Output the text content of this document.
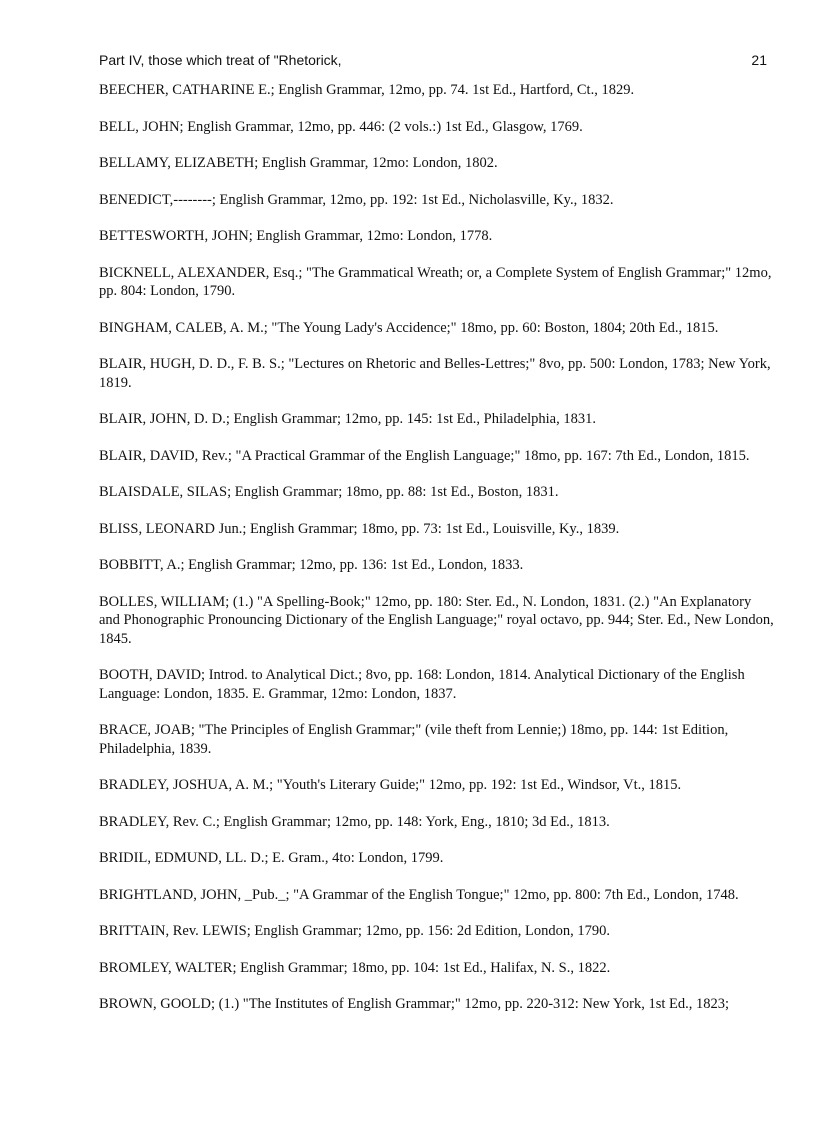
Part IV, those which treat of "Rhetorick,	21

BEECHER, CATHARINE E.; English Grammar, 12mo, pp. 74. 1st Ed., Hartford, Ct., 1829.

BELL, JOHN; English Grammar, 12mo, pp. 446: (2 vols.:) 1st Ed., Glasgow, 1769.

BELLAMY, ELIZABETH; English Grammar, 12mo: London, 1802.

BENEDICT,--------; English Grammar, 12mo, pp. 192: 1st Ed., Nicholasville, Ky., 1832.

BETTESWORTH, JOHN; English Grammar, 12mo: London, 1778.

BICKNELL, ALEXANDER, Esq.; "The Grammatical Wreath; or, a Complete System of English Grammar;" 12mo, pp. 804: London, 1790.

BINGHAM, CALEB, A. M.; "The Young Lady's Accidence;" 18mo, pp. 60: Boston, 1804; 20th Ed., 1815.

BLAIR, HUGH, D. D., F. B. S.; "Lectures on Rhetoric and Belles-Lettres;" 8vo, pp. 500: London, 1783; New York, 1819.

BLAIR, JOHN, D. D.; English Grammar; 12mo, pp. 145: 1st Ed., Philadelphia, 1831.

BLAIR, DAVID, Rev.; "A Practical Grammar of the English Language;" 18mo, pp. 167: 7th Ed., London, 1815.

BLAISDALE, SILAS; English Grammar; 18mo, pp. 88: 1st Ed., Boston, 1831.

BLISS, LEONARD Jun.; English Grammar; 18mo, pp. 73: 1st Ed., Louisville, Ky., 1839.

BOBBITT, A.; English Grammar; 12mo, pp. 136: 1st Ed., London, 1833.

BOLLES, WILLIAM; (1.) "A Spelling-Book;" 12mo, pp. 180: Ster. Ed., N. London, 1831. (2.) "An Explanatory and Phonographic Pronouncing Dictionary of the English Language;" royal octavo, pp. 944; Ster. Ed., New London, 1845.

BOOTH, DAVID; Introd. to Analytical Dict.; 8vo, pp. 168: London, 1814. Analytical Dictionary of the English Language: London, 1835. E. Grammar, 12mo: London, 1837.

BRACE, JOAB; "The Principles of English Grammar;" (vile theft from Lennie;) 18mo, pp. 144: 1st Edition, Philadelphia, 1839.

BRADLEY, JOSHUA, A. M.; "Youth's Literary Guide;" 12mo, pp. 192: 1st Ed., Windsor, Vt., 1815.

BRADLEY, Rev. C.; English Grammar; 12mo, pp. 148: York, Eng., 1810; 3d Ed., 1813.

BRIDIL, EDMUND, LL. D.; E. Gram., 4to: London, 1799.

BRIGHTLAND, JOHN, _Pub._; "A Grammar of the English Tongue;" 12mo, pp. 800: 7th Ed., London, 1748.

BRITTAIN, Rev. LEWIS; English Grammar; 12mo, pp. 156: 2d Edition, London, 1790.

BROMLEY, WALTER; English Grammar; 18mo, pp. 104: 1st Ed., Halifax, N. S., 1822.

BROWN, GOOLD; (1.) "The Institutes of English Grammar;" 12mo, pp. 220-312: New York, 1st Ed., 1823;
